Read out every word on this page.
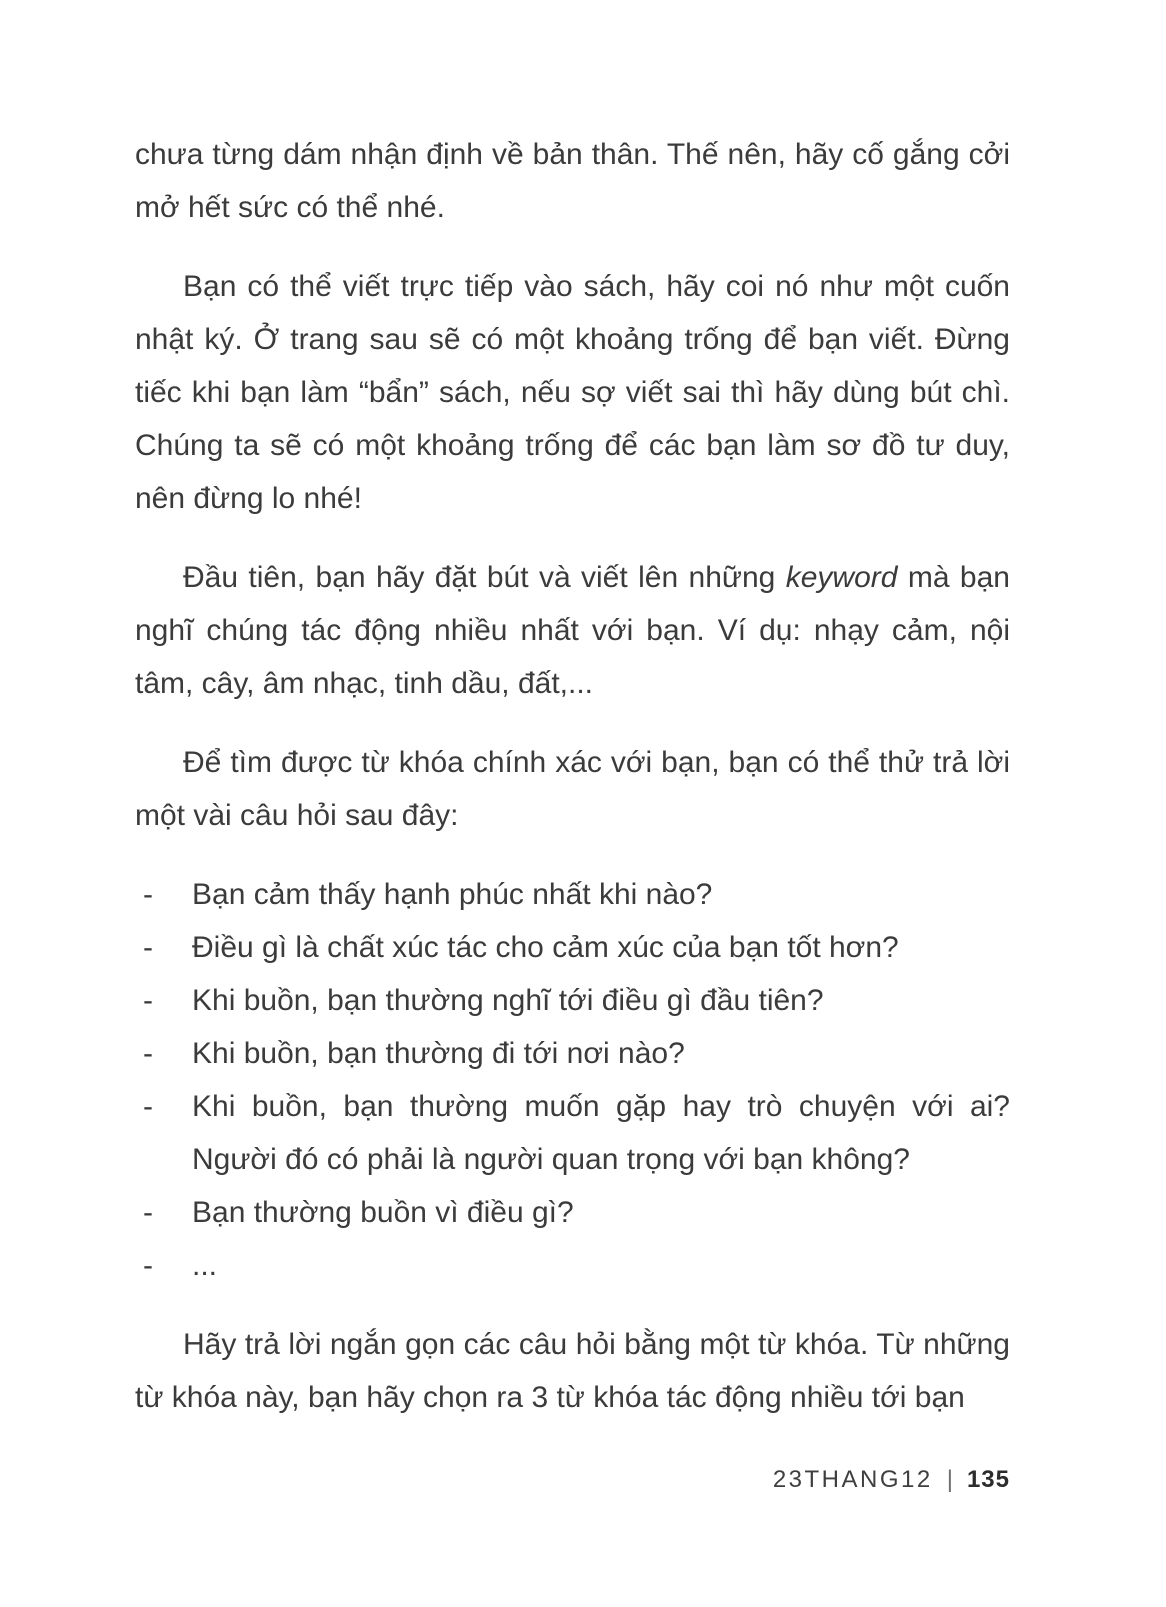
chưa từng dám nhận định về bản thân. Thế nên, hãy cố gắng cởi mở hết sức có thể nhé.

Bạn có thể viết trực tiếp vào sách, hãy coi nó như một cuốn nhật ký. Ở trang sau sẽ có một khoảng trống để bạn viết. Đừng tiếc khi bạn làm “bẩn” sách, nếu sợ viết sai thì hãy dùng bút chì. Chúng ta sẽ có một khoảng trống để các bạn làm sơ đồ tư duy, nên đừng lo nhé!

Đầu tiên, bạn hãy đặt bút và viết lên những keyword mà bạn nghĩ chúng tác động nhiều nhất với bạn. Ví dụ: nhạy cảm, nội tâm, cây, âm nhạc, tinh dầu, đất,...

Để tìm được từ khóa chính xác với bạn, bạn có thể thử trả lời một vài câu hỏi sau đây:

- Bạn cảm thấy hạnh phúc nhất khi nào?
- Điều gì là chất xúc tác cho cảm xúc của bạn tốt hơn?
- Khi buồn, bạn thường nghĩ tới điều gì đầu tiên?
- Khi buồn, bạn thường đi tới nơi nào?
- Khi buồn, bạn thường muốn gặp hay trò chuyện với ai? Người đó có phải là người quan trọng với bạn không?
- Bạn thường buồn vì điều gì?
- ...

Hãy trả lời ngắn gọn các câu hỏi bằng một từ khóa. Từ những từ khóa này, bạn hãy chọn ra 3 từ khóa tác động nhiều tới bạn

23THANG12 | 135
